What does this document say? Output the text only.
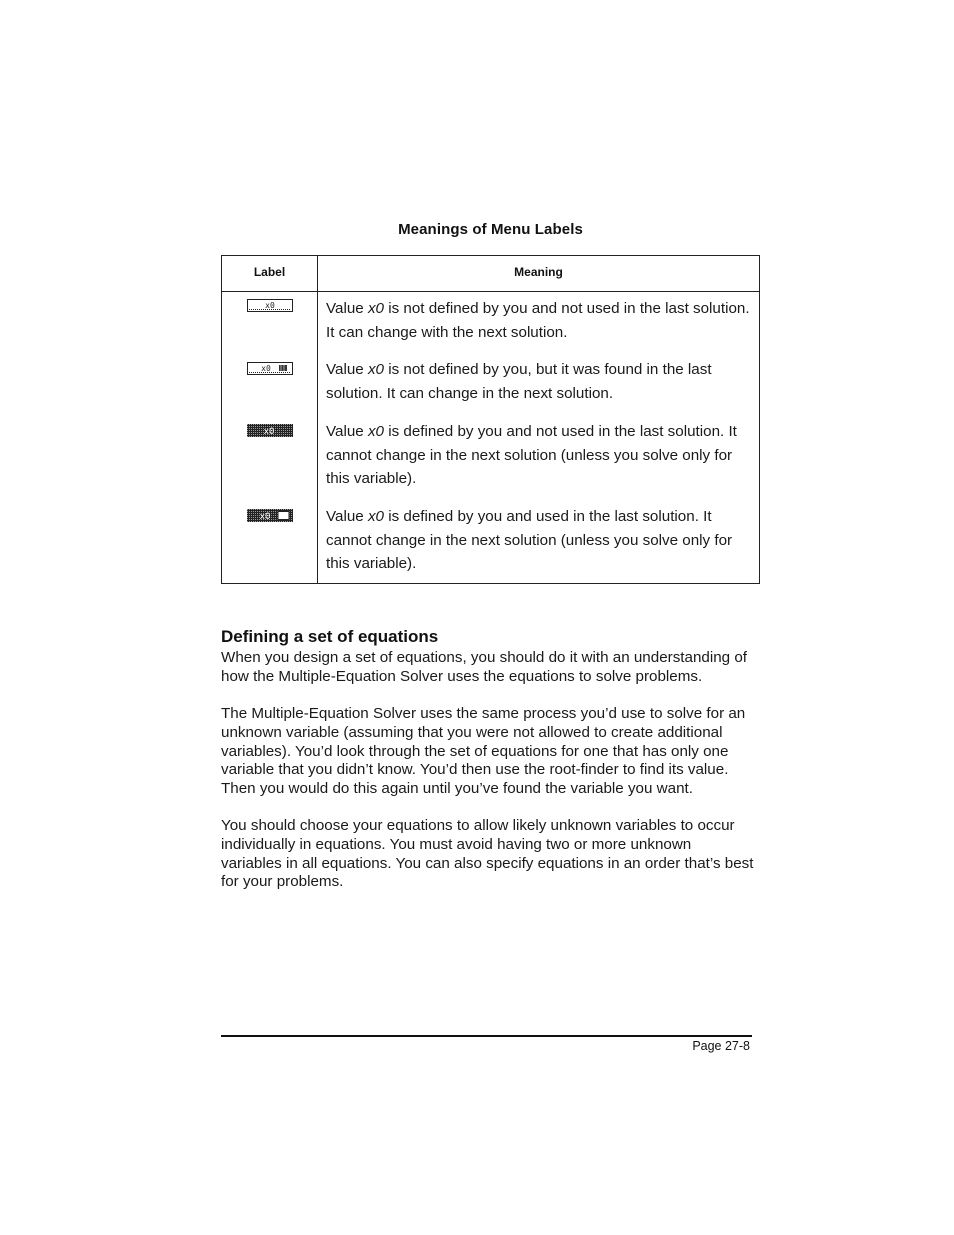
Meanings of Menu Labels
Label	Meaning
x0
x0
x0
x0
Value x0 is not defined by you and not used in the last solution. It can change with the next solution.
Value x0 is not defined by you, but it was found in the last solution. It can change in the next solution.
Value x0 is defined by you and not used in the last solution. It cannot change in the next solution (unless you solve only for this variable).
Value x0 is defined by you and used in the last solution. It cannot change in the next solution (unless you solve only for this variable).
Defining a set of equations
When you design a set of equations, you should do it with an understanding of how the Multiple-Equation Solver uses the equations to solve problems.
The Multiple-Equation Solver uses the same process you’d use to solve for an unknown variable (assuming that you were not allowed to create additional variables). You’d look through the set of equations for one that has only one variable that you didn’t know. You’d then use the root-finder to find its value. Then you would do this again until you’ve found the variable you want.
You should choose your equations to allow likely unknown variables to occur individually in equations. You must avoid having two or more unknown variables in all equations. You can also specify equations in an order that’s best for your problems.
Page 27-8
